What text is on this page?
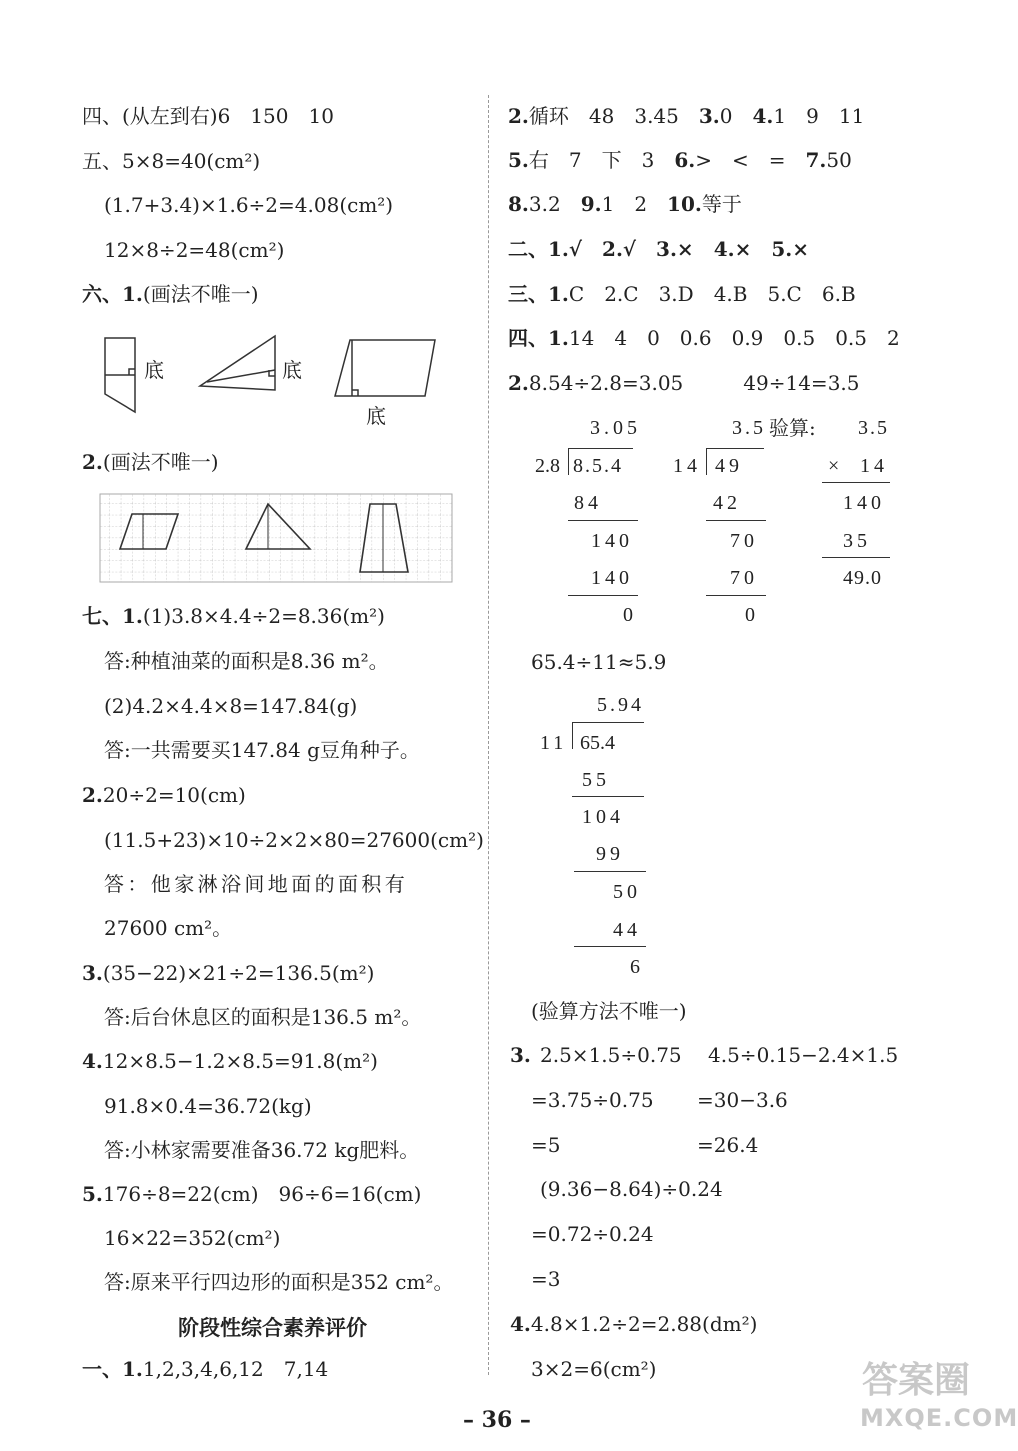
四、(从左到右)6　150　10
五、5×8=40(cm²)
(1.7+3.4)×1.6÷2=4.08(cm²)
12×8÷2=48(cm²)
六、1.(画法不唯一)
底	底
底
2.(画法不唯一)
七、1.(1)3.8×4.4÷2=8.36(m²)
答:种植油菜的面积是8.36 m²。
(2)4.2×4.4×8=147.84(g)
答:一共需要买147.84 g豆角种子。
2.20÷2=10(cm)
(11.5+23)×10÷2×2×80=27600(cm²)
答：他家淋浴间地面的面积有
27600 cm²。
3.(35−22)×21÷2=136.5(m²)
答:后台休息区的面积是136.5 m²。
4.12×8.5−1.2×8.5=91.8(m²)
91.8×0.4=36.72(kg)
答:小林家需要准备36.72 kg肥料。
5.176÷8=22(cm)　96÷6=16(cm)
16×22=352(cm²)
答:原来平行四边形的面积是352 cm²。
阶段性综合素养评价
一、1.1,2,3,4,6,12　7,14
2.循环　48　3.45　3.0　4.1　9　11
5.右　7　下　3　6.>　<　=　7.50
8.3.2　9.1　2　10.等于
二、1.√　2.√　3.×　4.×　5.×
三、1.C　2.C　3.D　4.B　5.C　6.B
四、1.14　4　0　0.6　0.9　0.5　0.5　2
2.8.54÷2.8=3.05　　　49÷14=3.5
3.05
2.8 8.5.4
84
140
140
0
3.5
14 49
42
70
70
0
验算: 3.5
× 14
140
35
49.0
65.4÷11≈5.9
5.94
11 65.4
55
104
99
50
44
6
(验算方法不唯一)
3. 2.5×1.5÷0.75 4.5÷0.15−2.4×1.5
=3.75÷0.75 =30−3.6
=5	=26.4
(9.36−8.64)÷0.24
=0.72÷0.24
=3
4.4.8×1.2÷2=2.88(dm²)
3×2=6(cm²)
– 36 –
答案圈
MXQE.COM
